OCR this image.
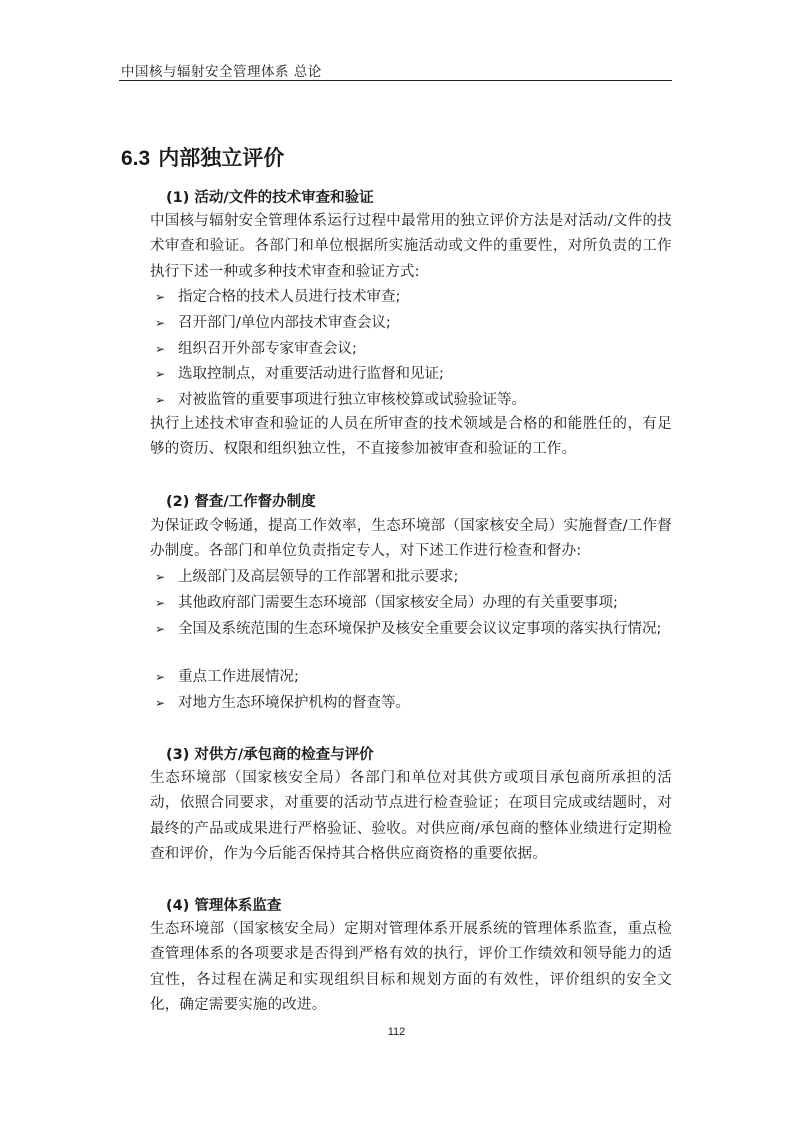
中国核与辐射安全管理体系 总论
6.3 内部独立评价
(1) 活动/文件的技术审查和验证
中国核与辐射安全管理体系运行过程中最常用的独立评价方法是对活动/文件的技术审查和验证。各部门和单位根据所实施活动或文件的重要性，对所负责的工作执行下述一种或多种技术审查和验证方式:
➢ 指定合格的技术人员进行技术审查;
➢ 召开部门/单位内部技术审查会议;
➢ 组织召开外部专家审查会议;
➢ 选取控制点，对重要活动进行监督和见证;
➢ 对被监管的重要事项进行独立审核校算或试验验证等。
执行上述技术审查和验证的人员在所审查的技术领域是合格的和能胜任的，有足够的资历、权限和组织独立性，不直接参加被审查和验证的工作。
(2) 督查/工作督办制度
为保证政令畅通，提高工作效率，生态环境部（国家核安全局）实施督查/工作督办制度。各部门和单位负责指定专人，对下述工作进行检查和督办:
➢ 上级部门及高层领导的工作部署和批示要求;
➢ 其他政府部门需要生态环境部（国家核安全局）办理的有关重要事项;
➢ 全国及系统范围的生态环境保护及核安全重要会议议定事项的落实执行情况;
➢ 重点工作进展情况;
➢ 对地方生态环境保护机构的督查等。
(3) 对供方/承包商的检查与评价
生态环境部（国家核安全局）各部门和单位对其供方或项目承包商所承担的活动，依照合同要求，对重要的活动节点进行检查验证；在项目完成或结题时，对最终的产品或成果进行严格验证、验收。对供应商/承包商的整体业绩进行定期检查和评价，作为今后能否保持其合格供应商资格的重要依据。
(4) 管理体系监查
生态环境部（国家核安全局）定期对管理体系开展系统的管理体系监查，重点检查管理体系的各项要求是否得到严格有效的执行，评价工作绩效和领导能力的适宜性，各过程在满足和实现组织目标和规划方面的有效性，评价组织的安全文化，确定需要实施的改进。
112
